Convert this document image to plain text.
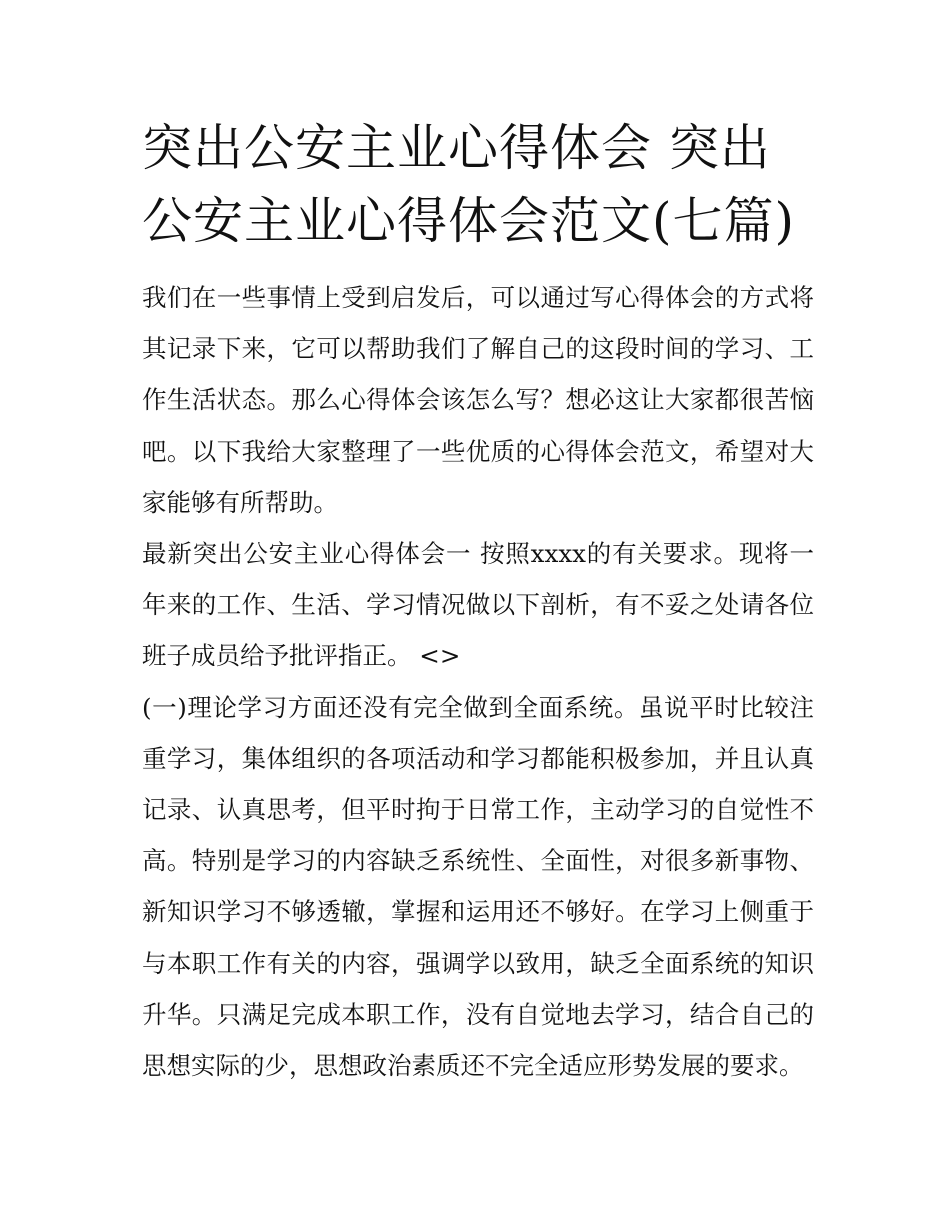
突出公安主业心得体会 突出公安主业心得体会范文(七篇)

我们在一些事情上受到启发后，可以通过写心得体会的方式将其记录下来，它可以帮助我们了解自己的这段时间的学习、工作生活状态。那么心得体会该怎么写？想必这让大家都很苦恼吧。以下我给大家整理了一些优质的心得体会范文，希望对大家能够有所帮助。

最新突出公安主业心得体会一 按照xxxx的有关要求。现将一年来的工作、生活、学习情况做以下剖析，有不妥之处请各位班子成员给予批评指正。 <>

(一)理论学习方面还没有完全做到全面系统。虽说平时比较注重学习，集体组织的各项活动和学习都能积极参加，并且认真记录、认真思考，但平时拘于日常工作，主动学习的自觉性不高。特别是学习的内容缺乏系统性、全面性，对很多新事物、新知识学习不够透辙，掌握和运用还不够好。在学习上侧重于与本职工作有关的内容，强调学以致用，缺乏全面系统的知识升华。只满足完成本职工作，没有自觉地去学习，结合自己的思想实际的少，思想政治素质还不完全适应形势发展的要求。
